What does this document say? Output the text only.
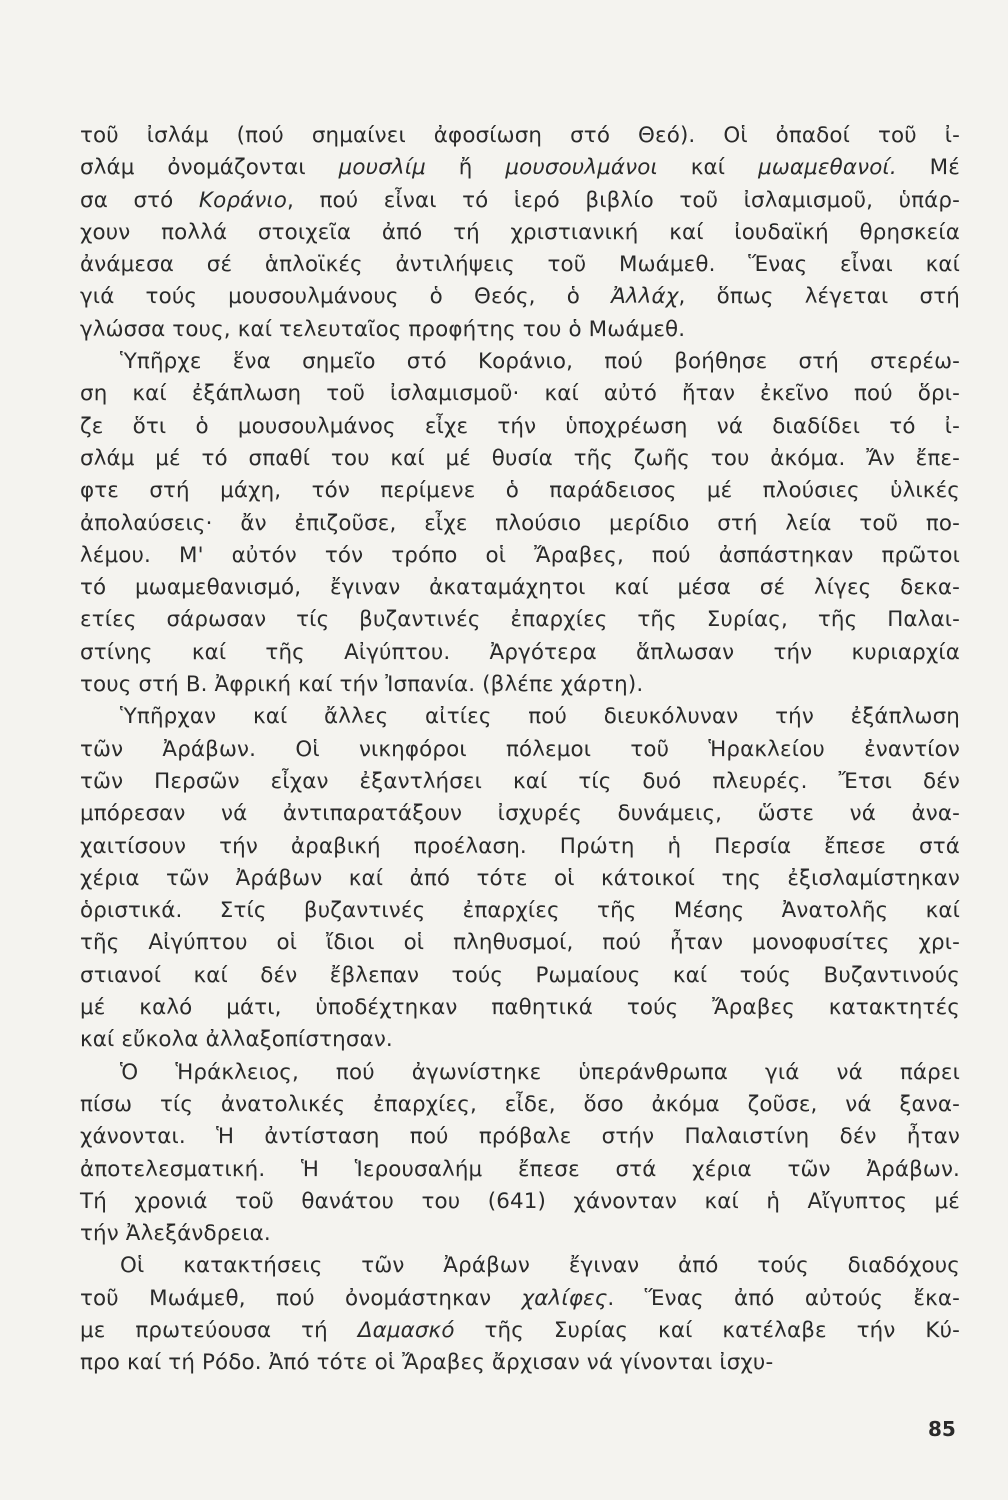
τοῦ ἰσλάμ (πού σημαίνει ἀφοσίωση στό Θεό). Οἱ ὀπαδοί τοῦ ἰ-
σλάμ ὀνομάζονται μουσλίμ ἤ μουσουλμάνοι καί μωαμεθανοί. Μέ
σα στό Κοράνιο, πού εἶναι τό ἱερό βιβλίο τοῦ ἰσλαμισμοῦ, ὑπάρ-
χουν πολλά στοιχεῖα ἀπό τή χριστιανική καί ἰουδαϊκή θρησκεία
ἀνάμεσα σέ ἁπλοϊκές ἀντιλήψεις τοῦ Μωάμεθ. Ἕνας εἶναι καί
γιά τούς μουσουλμάνους ὁ Θεός, ὁ Ἀλλάχ, ὅπως λέγεται στή
γλώσσα τους, καί τελευταῖος προφήτης του ὁ Μωάμεθ.
Ὑπῆρχε ἕνα σημεῖο στό Κοράνιο, πού βοήθησε στή στερέω-
ση καί ἐξάπλωση τοῦ ἰσλαμισμοῦ· καί αὐτό ἤταν ἐκεῖνο πού ὅρι-
ζε ὅτι ὁ μουσουλμάνος εἶχε τήν ὑποχρέωση νά διαδίδει τό ἰ-
σλάμ μέ τό σπαθί του καί μέ θυσία τῆς ζωῆς του ἀκόμα. Ἄν ἔπε-
φτε στή μάχη, τόν περίμενε ὁ παράδεισος μέ πλούσιες ὑλικές
ἀπολαύσεις· ἄν ἐπιζοῦσε, εἶχε πλούσιο μερίδιο στή λεία τοῦ πο-
λέμου. Μ' αὐτόν τόν τρόπο οἱ Ἄραβες, πού ἀσπάστηκαν πρῶτοι
τό μωαμεθανισμό, ἔγιναν ἀκαταμάχητοι καί μέσα σέ λίγες δεκα-
ετίες σάρωσαν τίς βυζαντινές ἐπαρχίες τῆς Συρίας, τῆς Παλαι-
στίνης καί τῆς Αἰγύπτου. Ἀργότερα ἅπλωσαν τήν κυριαρχία
τους στή Β. Ἀφρική καί τήν Ἰσπανία. (βλέπε χάρτη).
Ὑπῆρχαν καί ἄλλες αἰτίες πού διευκόλυναν τήν ἐξάπλωση
τῶν Ἀράβων. Οἱ νικηφόροι πόλεμοι τοῦ Ἡρακλείου ἐναντίον
τῶν Περσῶν εἶχαν ἐξαντλήσει καί τίς δυό πλευρές. Ἔτσι δέν
μπόρεσαν νά ἀντιπαρατάξουν ἰσχυρές δυνάμεις, ὥστε νά ἀνα-
χαιτίσουν τήν ἀραβική προέλαση. Πρώτη ἡ Περσία ἔπεσε στά
χέρια τῶν Ἀράβων καί ἀπό τότε οἱ κάτοικοί της ἐξισλαμίστηκαν
ὁριστικά. Στίς βυζαντινές ἐπαρχίες τῆς Μέσης Ἀνατολῆς καί
τῆς Αἰγύπτου οἱ ἴδιοι οἱ πληθυσμοί, πού ἦταν μονοφυσίτες χρι-
στιανοί καί δέν ἔβλεπαν τούς Ρωμαίους καί τούς Βυζαντινούς
μέ καλό μάτι, ὑποδέχτηκαν παθητικά τούς Ἄραβες κατακτητές
καί εὔκολα ἀλλαξοπίστησαν.
Ὁ Ἡράκλειος, πού ἀγωνίστηκε ὑπεράνθρωπα γιά νά πάρει
πίσω τίς ἀνατολικές ἐπαρχίες, εἶδε, ὅσο ἀκόμα ζοῦσε, νά ξανα-
χάνονται. Ἡ ἀντίσταση πού πρόβαλε στήν Παλαιστίνη δέν ἦταν
ἀποτελεσματική. Ἡ Ἱερουσαλήμ ἔπεσε στά χέρια τῶν Ἀράβων.
Τή χρονιά τοῦ θανάτου του (641) χάνονταν καί ἡ Αἴγυπτος μέ
τήν Ἀλεξάνδρεια.
Οἱ κατακτήσεις τῶν Ἀράβων ἔγιναν ἀπό τούς διαδόχους
τοῦ Μωάμεθ, πού ὀνομάστηκαν χαλίφες. Ἕνας ἀπό αὐτούς ἔκα-
με πρωτεύουσα τή Δαμασκό τῆς Συρίας καί κατέλαβε τήν Κύ-
προ καί τή Ρόδο. Ἀπό τότε οἱ Ἄραβες ἄρχισαν νά γίνονται ἰσχυ-
85
